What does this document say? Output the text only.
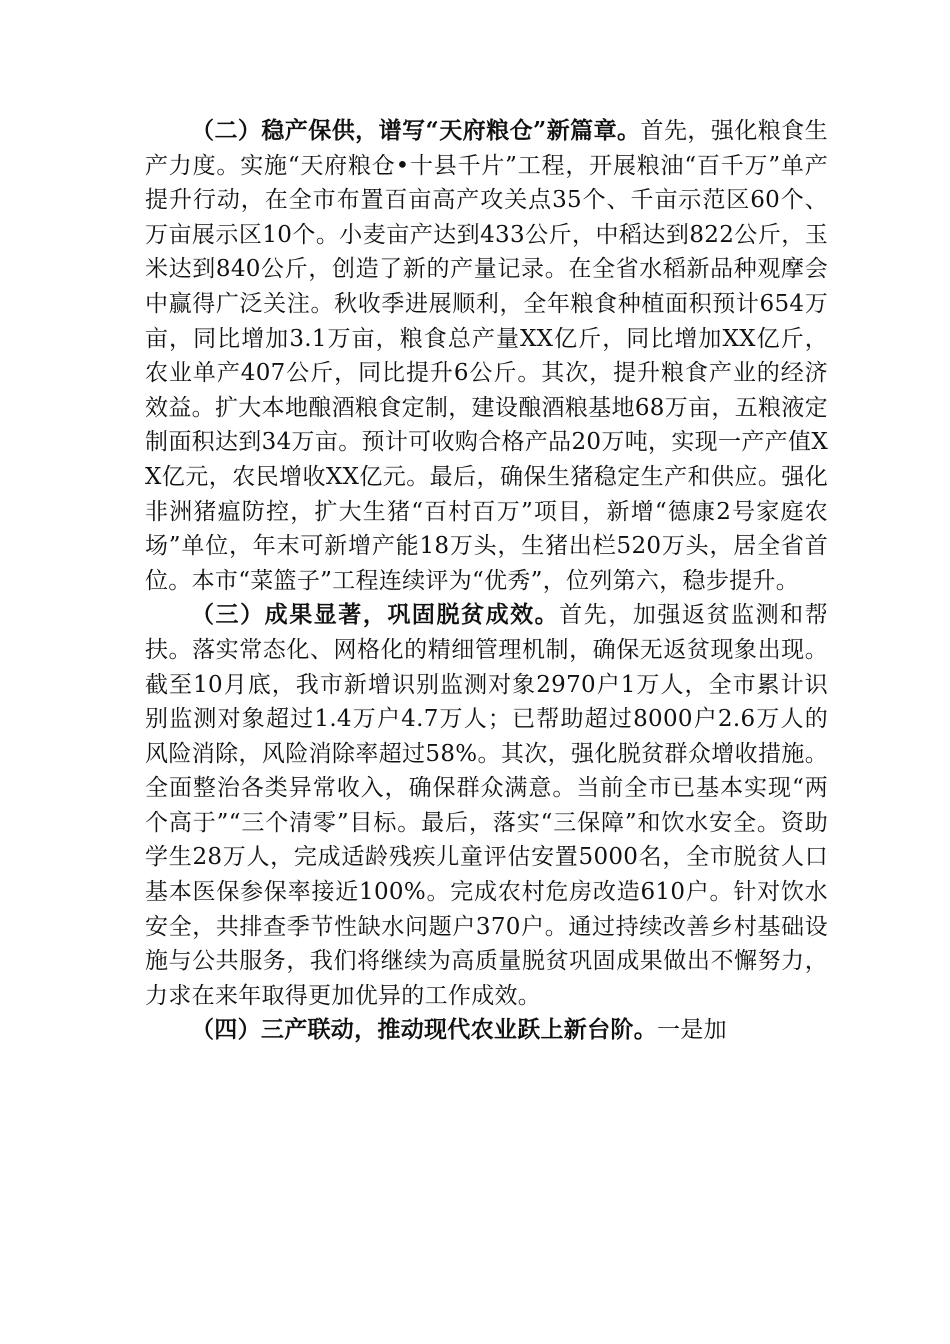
（二）稳产保供，谱写“天府粮仓”新篇章。首先，强化粮食生产力度。实施“天府粮仓•十县千片”工程，开展粮油“百千万”单产提升行动，在全市布置百亩高产攻关点35个、千亩示范区60个、万亩展示区10个。小麦亩产达到433公斤，中稻达到822公斤，玉米达到840公斤，创造了新的产量记录。在全省水稻新品种观摩会中赢得广泛关注。秋收季进展顺利，全年粮食种植面积预计654万亩，同比增加3.1万亩，粮食总产量XX亿斤，同比增加XX亿斤，农业单产407公斤，同比提升6公斤。其次，提升粮食产业的经济效益。扩大本地酿酒粮食定制，建设酿酒粮基地68万亩，五粮液定制面积达到34万亩。预计可收购合格产品20万吨，实现一产产值XX亿元，农民增收XX亿元。最后，确保生猪稳定生产和供应。强化非洲猪瘟防控，扩大生猪“百村百万”项目，新增“德康2号家庭农场”单位，年末可新增产能18万头，生猪出栏520万头，居全省首位。本市“菜篮子”工程连续评为“优秀”，位列第六，稳步提升。

（三）成果显著，巩固脱贫成效。首先，加强返贫监测和帮扶。落实常态化、网格化的精细管理机制，确保无返贫现象出现。截至10月底，我市新增识别监测对象2970户1万人，全市累计识别监测对象超过1.4万户4.7万人；已帮助超过8000户2.6万人的风险消除，风险消除率超过58%。其次，强化脱贫群众增收措施。全面整治各类异常收入，确保群众满意。当前全市已基本实现“两个高于”“三个清零”目标。最后，落实“三保障”和饮水安全。资助学生28万人，完成适龄残疾儿童评估安置5000名，全市脱贫人口基本医保参保率接近100%。完成农村危房改造610户。针对饮水安全，共排查季节性缺水问题户370户。通过持续改善乡村基础设施与公共服务，我们将继续为高质量脱贫巩固成果做出不懈努力，力求在来年取得更加优异的工作成效。

（四）三产联动，推动现代农业跃上新台阶。一是加
